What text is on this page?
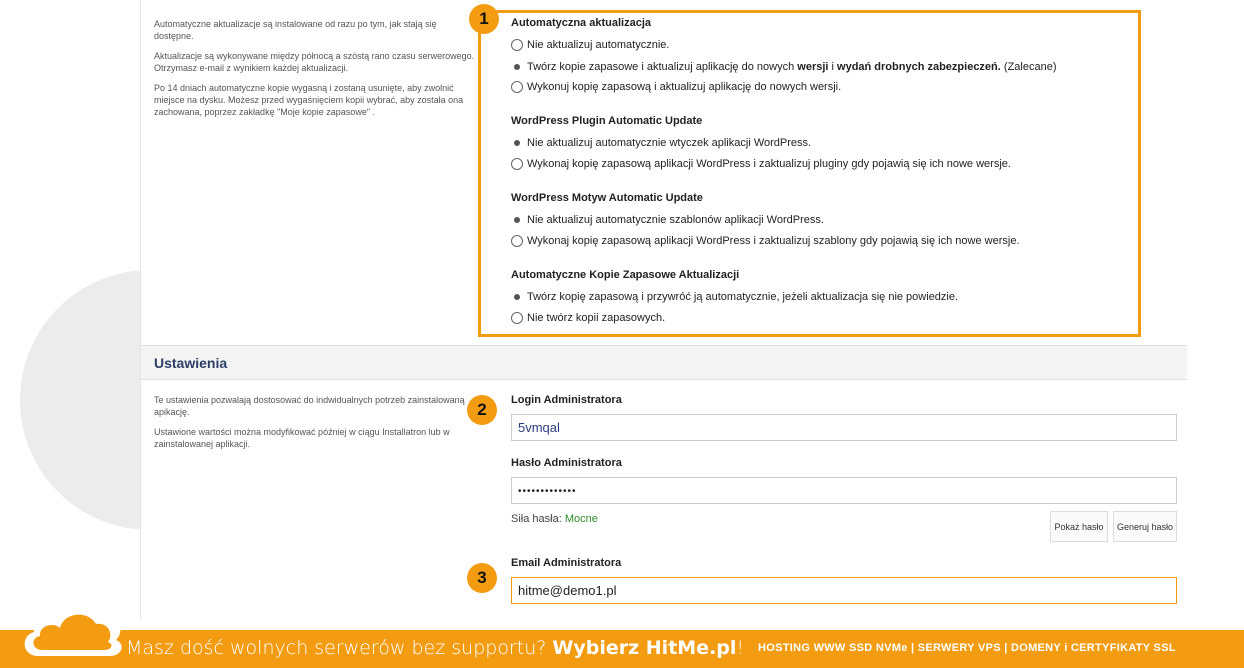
Automatyczne aktualizacje są instalowane od razu po tym, jak stają się dostępne.

Aktualizacje są wykonywane między północą a szóstą rano czasu serwerowego. Otrzymasz e-mail z wynikiem każdej aktualizacji.

Po 14 dniach automatyczne kopie wygasną i zostaną usunięte, aby zwolnić miejsce na dysku. Możesz przed wygaśnięciem kopii wybrać, aby została ona zachowana, poprzez zakładkę "Moje kopie zapasowe" .

1	Automatyczna aktualizacja
Nie aktualizuj automatycznie.
Twórz kopie zapasowe i aktualizuj aplikację do nowych wersji i wydań drobnych zabezpieczeń. (Zalecane)
Wykonuj kopię zapasową i aktualizuj aplikację do nowych wersji.
WordPress Plugin Automatic Update
Nie aktualizuj automatycznie wtyczek aplikacji WordPress.
Wykonaj kopię zapasową aplikacji WordPress i zaktualizuj pluginy gdy pojawią się ich nowe wersje.
WordPress Motyw Automatic Update
Nie aktualizuj automatycznie szablonów aplikacji WordPress.
Wykonaj kopię zapasową aplikacji WordPress i zaktualizuj szablony gdy pojawią się ich nowe wersje.
Automatyczne Kopie Zapasowe Aktualizacji
Twórz kopię zapasową i przywróć ją automatycznie, jeżeli aktualizacja się nie powiedzie.
Nie twórz kopii zapasowych.
Ustawienia

Te ustawienia pozwalają dostosować do indwidualnych potrzeb zainstalowaną apikację.

Ustawione wartości można modyfikować później w ciągu Installatron lub w zainstalowanej aplikacji.

2	Login Administratora
5vmqal
Hasło Administratora
•••••••••••••
Siła hasła: Mocne
Pokaż hasło	Generuj hasło
3
Email Administratora
hitme@demo1.pl
Masz dość wolnych serwerów bez supportu? Wybierz HitMe.pl! HOSTING WWW SSD NVMe | SERWERY VPS | DOMENY i CERTYFIKATY SSL
